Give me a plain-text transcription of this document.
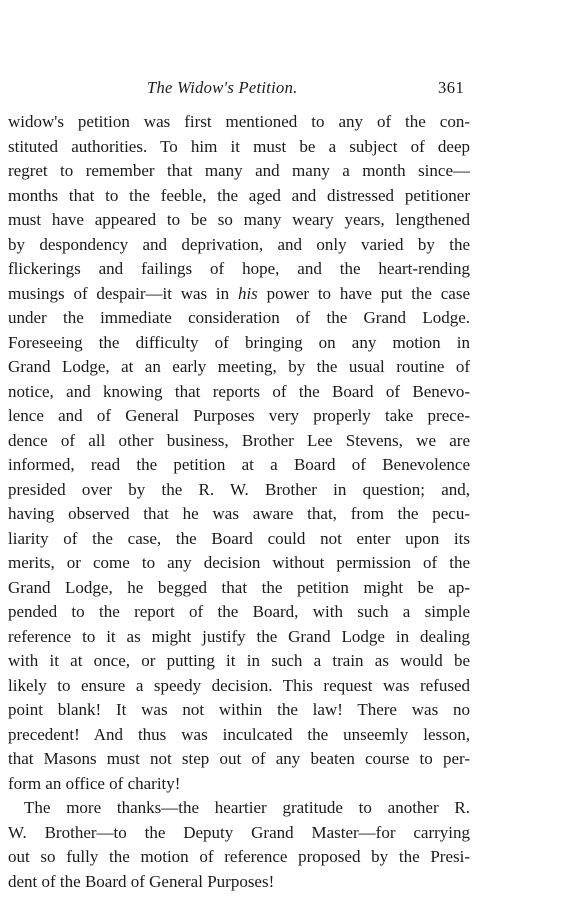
The Widow's Petition.	361
widow's petition was first mentioned to any of the con-
stituted authorities. To him it must be a subject of deep
regret to remember that many and many a month since—
months that to the feeble, the aged and distressed petitioner
must have appeared to be so many weary years, lengthened
by despondency and deprivation, and only varied by the
flickerings and failings of hope, and the heart-rending
musings of despair—it was in his power to have put the case
under the immediate consideration of the Grand Lodge.
Foreseeing the difficulty of bringing on any motion in
Grand Lodge, at an early meeting, by the usual routine of
notice, and knowing that reports of the Board of Benevo-
lence and of General Purposes very properly take prece-
dence of all other business, Brother Lee Stevens, we are
informed, read the petition at a Board of Benevolence
presided over by the R. W. Brother in question; and,
having observed that he was aware that, from the pecu-
liarity of the case, the Board could not enter upon its
merits, or come to any decision without permission of the
Grand Lodge, he begged that the petition might be ap-
pended to the report of the Board, with such a simple
reference to it as might justify the Grand Lodge in dealing
with it at once, or putting it in such a train as would be
likely to ensure a speedy decision. This request was refused
point blank! It was not within the law! There was no
precedent! And thus was inculcated the unseemly lesson,
that Masons must not step out of any beaten course to per-
form an office of charity!
The more thanks—the heartier gratitude to another R.
W. Brother—to the Deputy Grand Master—for carrying
out so fully the motion of reference proposed by the Presi-
dent of the Board of General Purposes!
